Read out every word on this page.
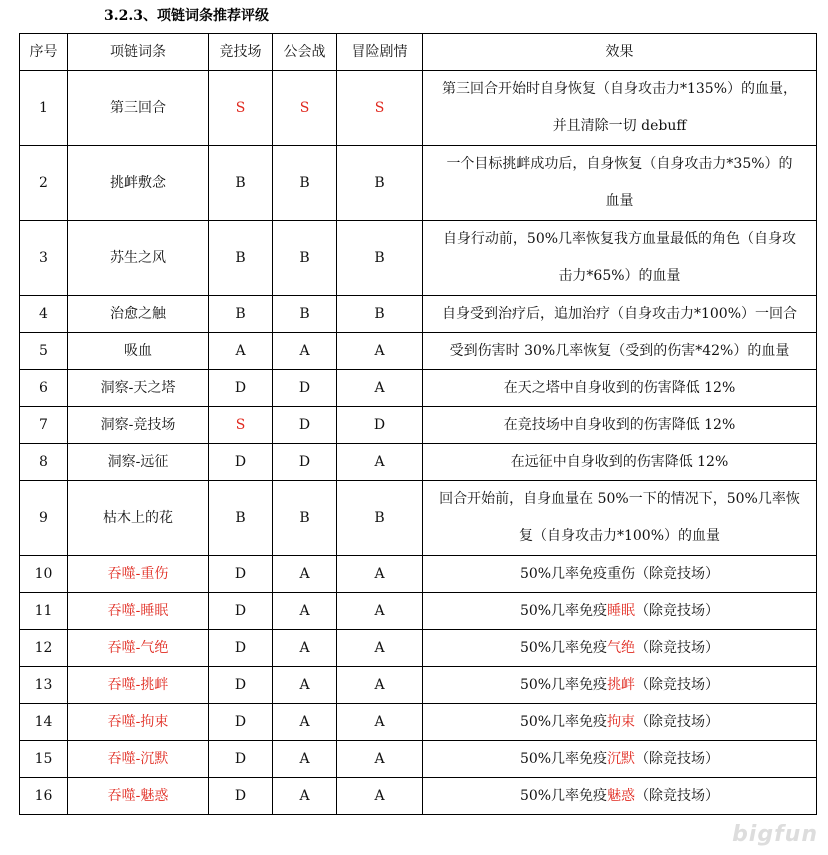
3.2.3、项链词条推荐评级
序号	项链词条	竞技场	公会战	冒险剧情	效果
1	第三回合	S	S	S	第三回合开始时自身恢复（自身攻击力*135%）的血量，
并且清除一切 debuff

2	挑衅敷念	B	B	B	一个目标挑衅成功后，自身恢复（自身攻击力*35%）的
血量

3	苏生之风	B	B	B	自身行动前，50%几率恢复我方血量最低的角色（自身攻
击力*65%）的血量

4	治愈之触	B	B	B	自身受到治疗后，追加治疗（自身攻击力*100%）一回合
5	吸血	A	A	A	受到伤害时 30%几率恢复（受到的伤害*42%）的血量
6	洞察-天之塔	D	D	A	在天之塔中自身收到的伤害降低 12%
7	洞察-竞技场	S	D	D	在竞技场中自身收到的伤害降低 12%
8	洞察-远征	D	D	A	在远征中自身收到的伤害降低 12%
9	枯木上的花	B	B	B	回合开始前，自身血量在 50%一下的情况下，50%几率恢
复（自身攻击力*100%）的血量

10	吞噬-重伤	D	A	A	50%几率免疫重伤（除竞技场）
11	吞噬-睡眠	D	A	A	50%几率免疫睡眠（除竞技场）
12	吞噬-气绝	D	A	A	50%几率免疫气绝（除竞技场）
13	吞噬-挑衅	D	A	A	50%几率免疫挑衅（除竞技场）
14	吞噬-拘束	D	A	A	50%几率免疫拘束（除竞技场）
15	吞噬-沉默	D	A	A	50%几率免疫沉默（除竞技场）
16	吞噬-魅惑	D	A	A	50%几率免疫魅惑（除竞技场）
bigfun
